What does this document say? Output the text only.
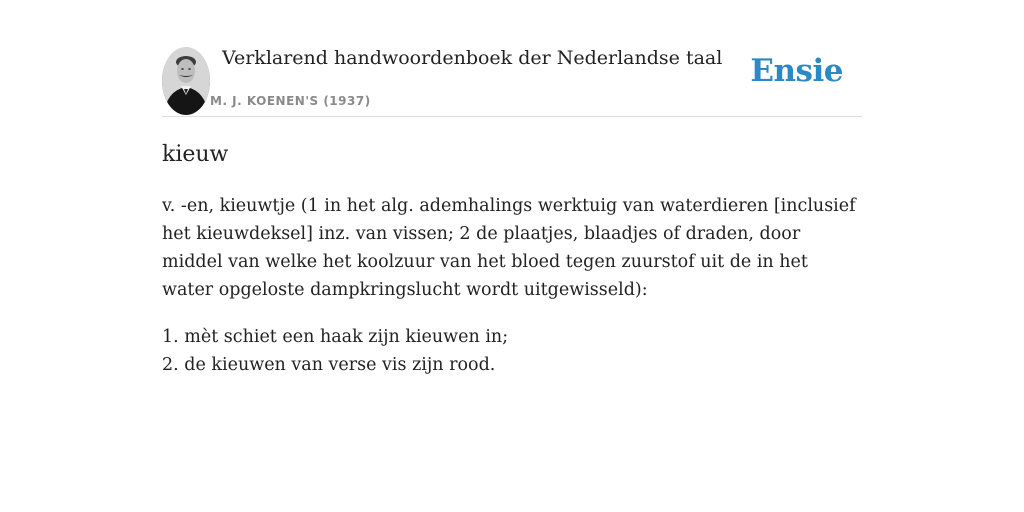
Verklarend handwoordenboek der Nederlandse taal
M. J. KOENEN'S (1937)
Ensie
kieuw

v. -en, kieuwtje (1 in het alg. ademhalings werktuig van waterdieren [inclusief het kieuwdeksel] inz. van vissen; 2 de plaatjes, blaadjes of draden, door middel van welke het koolzuur van het bloed tegen zuurstof uit de in het water opgeloste dampkringslucht wordt uitgewisseld):

1. mèt schiet een haak zijn kieuwen in;
2. de kieuwen van verse vis zijn rood.
